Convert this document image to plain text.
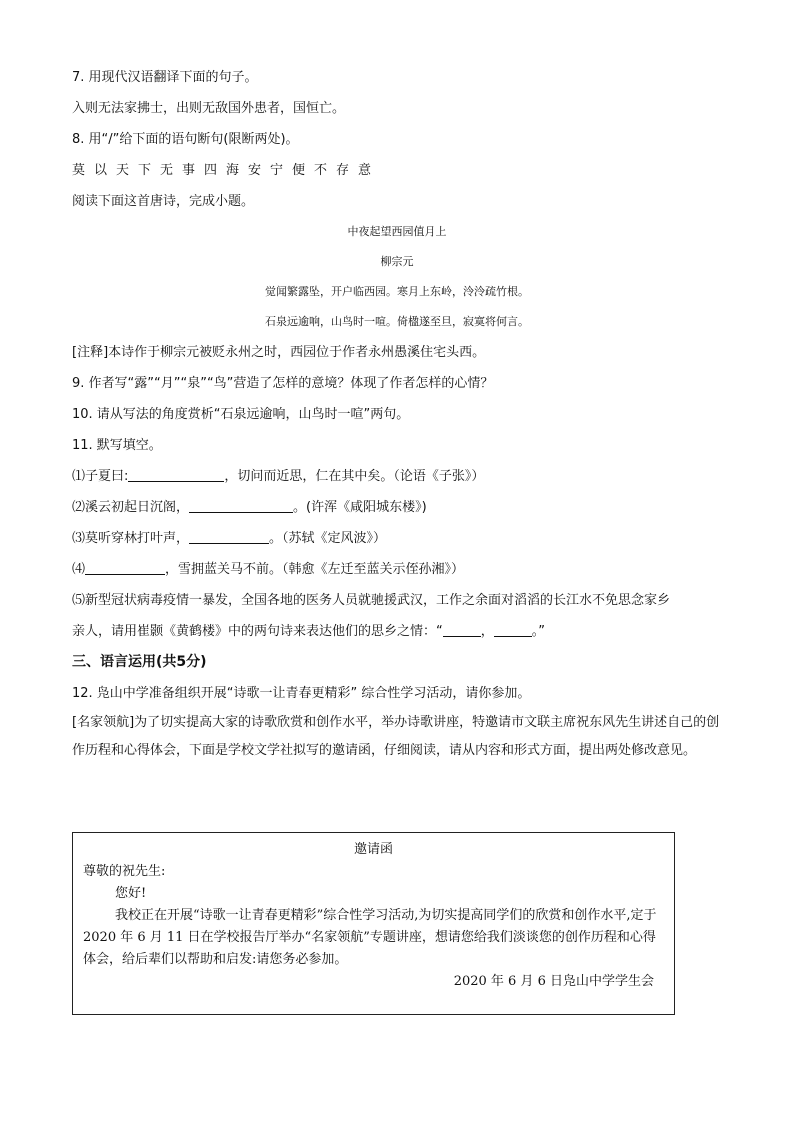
7. 用现代汉语翻译下面的句子。
入则无法家拂士，出则无敌国外患者，国恒亡。
8. 用“/”给下面的语句断句(限断两处)。
莫以天下无事四海安宁便不存意
阅读下面这首唐诗，完成小题。
中夜起望西园值月上
柳宗元
觉闻繁露坠，开户临西园。寒月上东岭，泠泠疏竹根。
石泉远逾响，山鸟时一喧。倚楹遂至旦，寂寞将何言。
[注释]本诗作于柳宗元被贬永州之时，西园位于作者永州愚溪住宅头西。
9. 作者写“露”“月”“泉”“鸟”营造了怎样的意境？体现了作者怎样的心情？
10. 请从写法的角度赏析“石泉远逾响，山鸟时一喧”两句。
11. 默写填空。
⑴子夏曰:	，切问而近思，仁在其中矣。（论语《子张》）
⑵溪云初起日沉阁，	。(许浑《咸阳城东楼》)
⑶莫听穿林打叶声，	。（苏轼《定风波》）
⑷	，雪拥蓝关马不前。（韩愈《左迁至蓝关示侄孙湘》）
⑸新型冠状病毒疫情一暴发，全国各地的医务人员就驰援武汉，工作之余面对滔滔的长江水不免思念家乡
亲人，请用崔颢《黄鹤楼》中的两句诗来表达他们的思乡之情：“	，	。”
三、语言运用(共5分)
12. 凫山中学准备组织开展“诗歌一让青春更精彩” 综合性学习活动，请你参加。
[名家领航]为了切实提高大家的诗歌欣赏和创作水平，举办诗歌讲座，特邀请市文联主席祝东风先生讲述自己的创作历程和心得体会，下面是学校文学社拟写的邀请函，仔细阅读，请从内容和形式方面，提出两处修改意见。
邀请函
尊敬的祝先生:
您好!
我校正在开展“诗歌一让青春更精彩”综合性学习活动,为切实提高同学们的欣赏和创作水平,定于 2020 年 6 月 11 日在学校报告厅举办“名家领航”专题讲座，想请您给我们淡谈您的创作历程和心得体会，给后辈们以帮助和启发:请您务必参加。
2020 年 6 月 6 日凫山中学学生会
